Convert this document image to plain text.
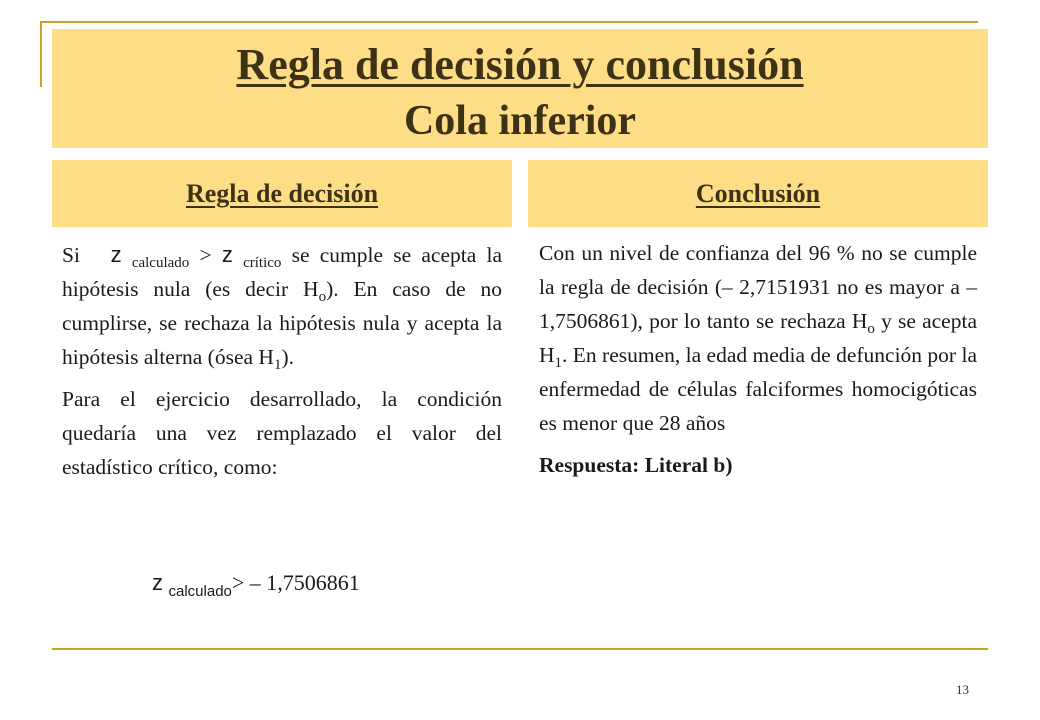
Regla de decisión y conclusión
Cola inferior
Regla de decisión	Conclusión

Si z $_{calculado}$ > z $_{crítico}$ se cumple se acepta la hipótesis nula (es decir $H_o$). En caso de no cumplirse, se rechaza la hipótesis nula y acepta la hipótesis alterna (ósea $H_1$).

Para el ejercicio desarrollado, la condición quedaría una vez remplazado el valor del estadístico crítico, como:

z $_{calculado}$> – 1,7506861

Con un nivel de confianza del 96 % no se cumple la regla de decisión (– 2,7151931 no es mayor a – 1,7506861), por lo tanto se rechaza $H_o$ y se acepta $H_1$. En resumen, la edad media de defunción por la enfermedad de células falciformes homocigóticas es menor que 28 años

Respuesta: Literal b)

13
